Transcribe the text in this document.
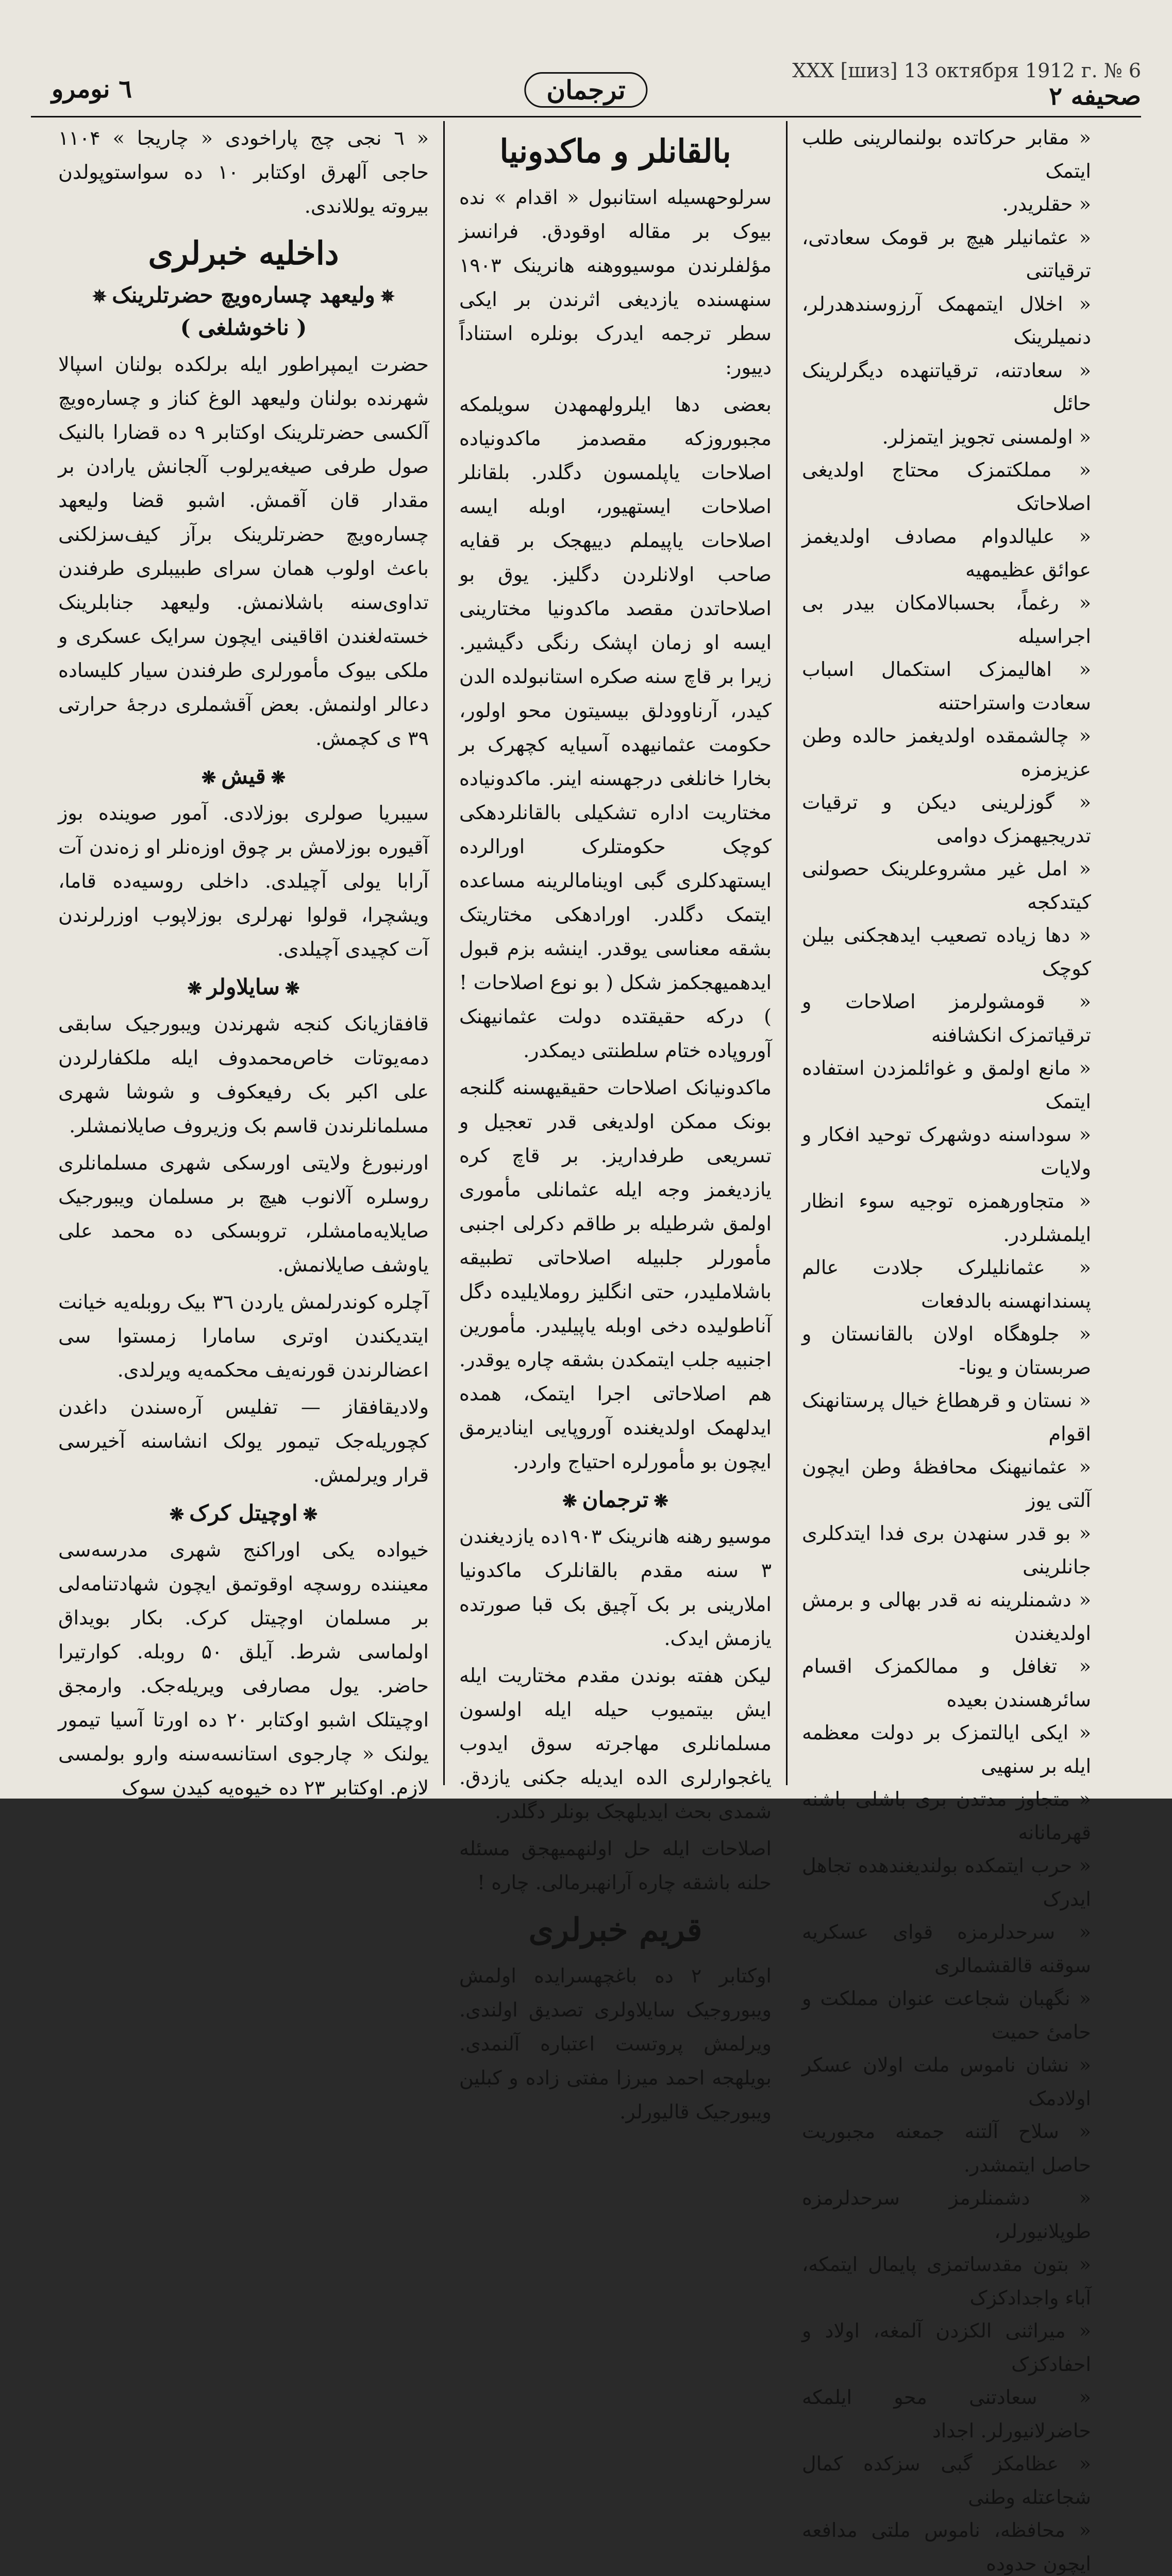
XXX [шиз] 13 октября 1912 г. № 6
صحیفه ۲
ترجمان
٦ نومرو
« مقابر حرکاتده بولنمالرینی طلب ایتمک
« حقلریدر.
« عثمانیلر هیچ بر قومک سعادتی، ترقیاتنی
« اخلال ایتمهمک آرزوسندهدرلر، دنمیلرینک
« سعادتنه، ترقیاتنهده دیگرلرینک حائل
« اولمسنی تجویز ایتمزلر.
« مملکتمزک محتاج اولدیغی اصلاحاتک
« علیالدوام مصادف اولدیغمز عوائق عظیمهیه
« رغماً، بحسبالامکان بیدر بی اجراسیله
« اهالیمزک استکمال اسباب سعادت واستراحتنه
« چالشمقده اولدیغمز حالده وطن عزیزمزه
« گوزلرینی دیکن و ترقیات تدریجیهمزک دوامی
« امل غیر مشروعلرینک حصولنی کیتدکجه
« دها زیاده تصعیب ایدهجکنی بیلن کوچک
« قومشولرمز اصلاحات و ترقیاتمزک انکشافنه
« مانع اولمق و غوائلمزدن استفاده ایتمک
« سوداسنه دوشهرک توحید افکار و ولایات
« متجاورهمزه توجیه سوء انظار ایلمشلردر.
« عثمانلیلرک جلادت عالم پسندانهسنه بالدفعات
« جلوهگاه اولان بالقانستان و صربستان و یونا-
« نستان و قرهطاغ خیال پرستانهنک اقوام
« عثمانیهنک محافظهٔ وطن ایچون آلتی یوز
« بو قدر سنهدن بری فدا ایتدکلری جانلرینی
« دشمنلرینه نه قدر بهالی و برمش اولدیغندن
« تغافل و ممالکمزک اقسام سائرهسندن بعیده
« ایکی ایالتمزک بر دولت معظمه ایله بر سنهیی
« متجاوز مدتدن بری باشلی باشنه قهرمانانه
« حرب ایتمکده بولندیغندهده تجاهل ایدرک
« سرحدلرمزه قوای عسکریه سوقنه قالقشمالری
« نگهبان شجاعت عنوان مملکت و حامیٔ حمیت
« نشان ناموس ملت اولان عسکر اولادمک
« سلاح آلتنه جمعنه مجبوریت حاصل ایتمشدر.
« دشمنلرمز سرحدلرمزه طوپلانیورلر،
« بتون مقدساتمزی پایمال ایتمکه، آباء واجدادکزک
« میراثنی الکزدن آلمغه، اولاد و احفادکزک
« سعادتنی محو ایلمکه حاضرلانیورلر. اجداد
« عظامکز گبی سزکده کمال شجاعتله وطنی
« محافظه، ناموس ملتی مدافعه ایچون حدوده
بالقانلر و ماکدونیا

سرلوحهسیله استانبول « اقدام » نده بیوک بر مقاله اوقودق. فرانسز مؤلفلرندن موسیووهنه هانرینک ۱۹۰۳ سنهسنده یازدیغی اثرندن بر ایکی سطر ترجمه ایدرک بونلره استناداً دییور:

بعضی دها ایلرولهمهدن سویلمکه مجبوروزکه مقصدمز ماکدونیاده اصلاحات یاپلمسون دگلدر. بلقانلر اصلاحات ایستهیور، اوبله ایسه اصلاحات یاپیملم دییهجک بر قفایه صاحب اولانلردن دگلیز. یوق بو اصلاحاتدن مقصد ماکدونیا مختارینی ایسه او زمان اپشک رنگی دگیشیر. زیرا بر قاچ سنه صکره استانبولده الدن کیدر، آرناوودلق بیسیتون محو اولور، حکومت عثمانیهده آسیایه کچهرک بر بخارا خانلغی درجهسنه اینر. ماکدونیاده مختاریت اداره تشکیلی بالقانلردهکی کوچک حکومتلرک اورالرده ایستهدکلری گبی اوینامالرینه مساعده ایتمک دگلدر. اورادهکی مختاریتک بشقه معناسی یوقدر. اینشه بزم قبول ایدهمیهجکمز شکل ( بو نوع اصلاحات ! ) درکه حقیقتده دولت عثمانیهنک آوروپاده ختام سلطنتی دیمکدر.

ماکدونیانک اصلاحات حقیقیهسنه گلنجه بونک ممکن اولدیغی قدر تعجیل و تسریعی طرفداریز. بر قاچ کره یازدیغمز وجه ایله عثمانلی مأموری اولمق شرطیله بر طاقم دکرلی اجنبی مأمورلر جلبیله اصلاحاتی تطبیقه باشلاملیدر، حتی انگلیز روملایلیده دگل آناطولیده دخی اوبله یاپیلیدر. مأمورین اجنبیه جلب ایتمکدن بشقه چاره یوقدر. هم اصلاحاتی اجرا ایتمک، همده ایدلهمک اولدیغنده آوروپایی اینادیرمق ایچون بو مأمورلره احتیاج واردر.

❋ترجمان❋

موسیو رهنه هانرینک ۱۹۰۳ده یازدیغندن ۳ سنه مقدم بالقانلرک ماکدونیا املارینی بر بک آچیق بک قبا صورتده یازمش ایدک.

لیکن هفته بوندن مقدم مختاریت ایله ایش بیتمیوب حیله ایله اولسون مسلمانلری مهاجرته سوق ایدوب یاغجوارلری الده ایدیله جکنی یازدق. شمدی بحث ایدیلهجک بونلر دگلدر.

اصلاحات ایله حل اولنهمیهجق مسئله حلنه باشقه چاره آرانهبرمالی. چاره !

قریم خبرلری

اوکتابر ۲ ده باغچهسرایده اولمش ویبوروجیک سایلاولری تصدیق اولندی. ویرلمش پروتست اعتباره آلنمدی. بویلهجه احمد میرزا مفتی زاده و کبلین ویبورجیک قالیورلر.

« ٦ نجی چج پاراخودی « چاریجا » ۱۱۰۴ حاجی آلهرق اوکتابر ۱۰ ده سواستوپولدن بیروته یوللاندی.

داخلیه خبرلری
✵ولیعهد چساره‌ویچ حضرتلرینک✵
( ناخوشلغی )

حضرت ایمپراطور ایله برلکده بولنان اسپالا شهرنده بولنان ولیعهد الوغ کناز و چساره‌ویچ آلکسی حضرتلرینک اوکتابر ۹ ده قضارا بالنیک صول طرفی صیغه‌یرلوب آلجانش یارادن بر مقدار قان آقمش. اشبو قضا ولیعهد چساره‌ویچ حضرتلرینک برآز کیف‌سزلکنی باعث اولوب همان سرای طبیبلری طرفندن تداوی‌سنه باشلانمش. ولیعهد جنابلرینک خسته‌لغندن اقاقینی ایچون سرایک عسکری و ملکی بیوک مأمورلری طرفندن سیار کلیساده دعالر اولنمش. بعض آقشملری درجهٔ حرارتی ۳۹ ی کچمش.

❋قیش❋

سیبریا صولری بوزلادی. آمور صوینده بوز آقیوره بوزلامش بر چوق اوزه‌نلر او زه‌ندن آت آرابا یولی آچیلدی. داخلی روسیه‌ده قاما، ویشچرا، قولوا نهرلری بوزلاپوب اوزرلرندن آت کچیدی آچیلدی.

❋سایلاولر❋

قافقازیانک کنجه شهرندن ویبورجیک سابقی دمه‌یوتات خاص‌محمدوف ایله ملکفارلردن علی اکبر بک رفیعکوف و شوشا شهری مسلمانلرندن قاسم بک وزیروف صایلانمشلر.

اورنبورغ ولایتی اورسکی شهری مسلمانلری روسلره آلانوب هیچ بر مسلمان ویبورجیک صایلایه‌مامشلر، تروبسکی ده محمد علی یاوشف صایلانمش.

آچلره کوندرلمش یاردن ۳٦ بیک روبله‌یه خیانت ایتدیکندن اوتری سامارا زمستوا سی اعضالرندن قورنه‌یف محکمه‌یه ویرلدی.

ولادیقافقاز — تفلیس آره‌سندن داغدن کچوریله‌جک تیمور یولک انشاسنه آخیرسی قرار ویرلمش.

❋اوچیتل کرک❋

خیواده یکی اوراکنج شهری مدرسه‌سی معیننده روسچه اوقوتمق ایچون شهادتنامه‌لی بر مسلمان اوچیتل کرک. بکار بویداق اولماسی شرط. آیلق ۵۰ روبله. کوارتیرا حاضر. یول مصارفی ویریله‌جک. وارمجق اوچیتلک اشبو اوکتابر ۲۰ ده اورتا آسیا تیمور یولنک « چارجوی استانسه‌سنه وارو بولمسی لازم. اوکتابر ۲۳ ده خیوه‌یه کیدن سوک
